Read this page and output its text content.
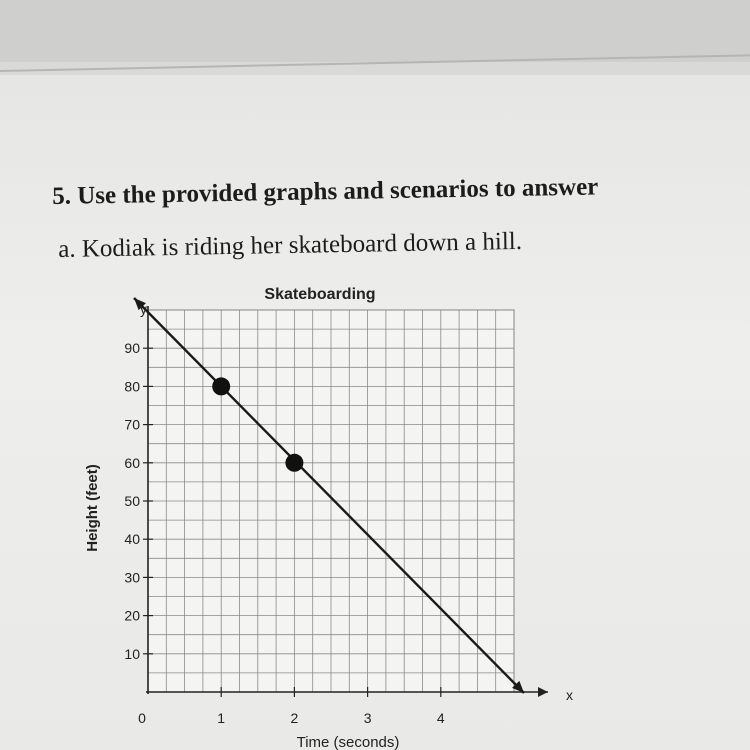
5. Use the provided graphs and scenarios to answer
a. Kodiak is riding her skateboard down a hill.
10
20
30
40
50
60
70
80
90
0	1	2	3	4
Skateboarding
Height (feet)
Time (seconds)
x
y
